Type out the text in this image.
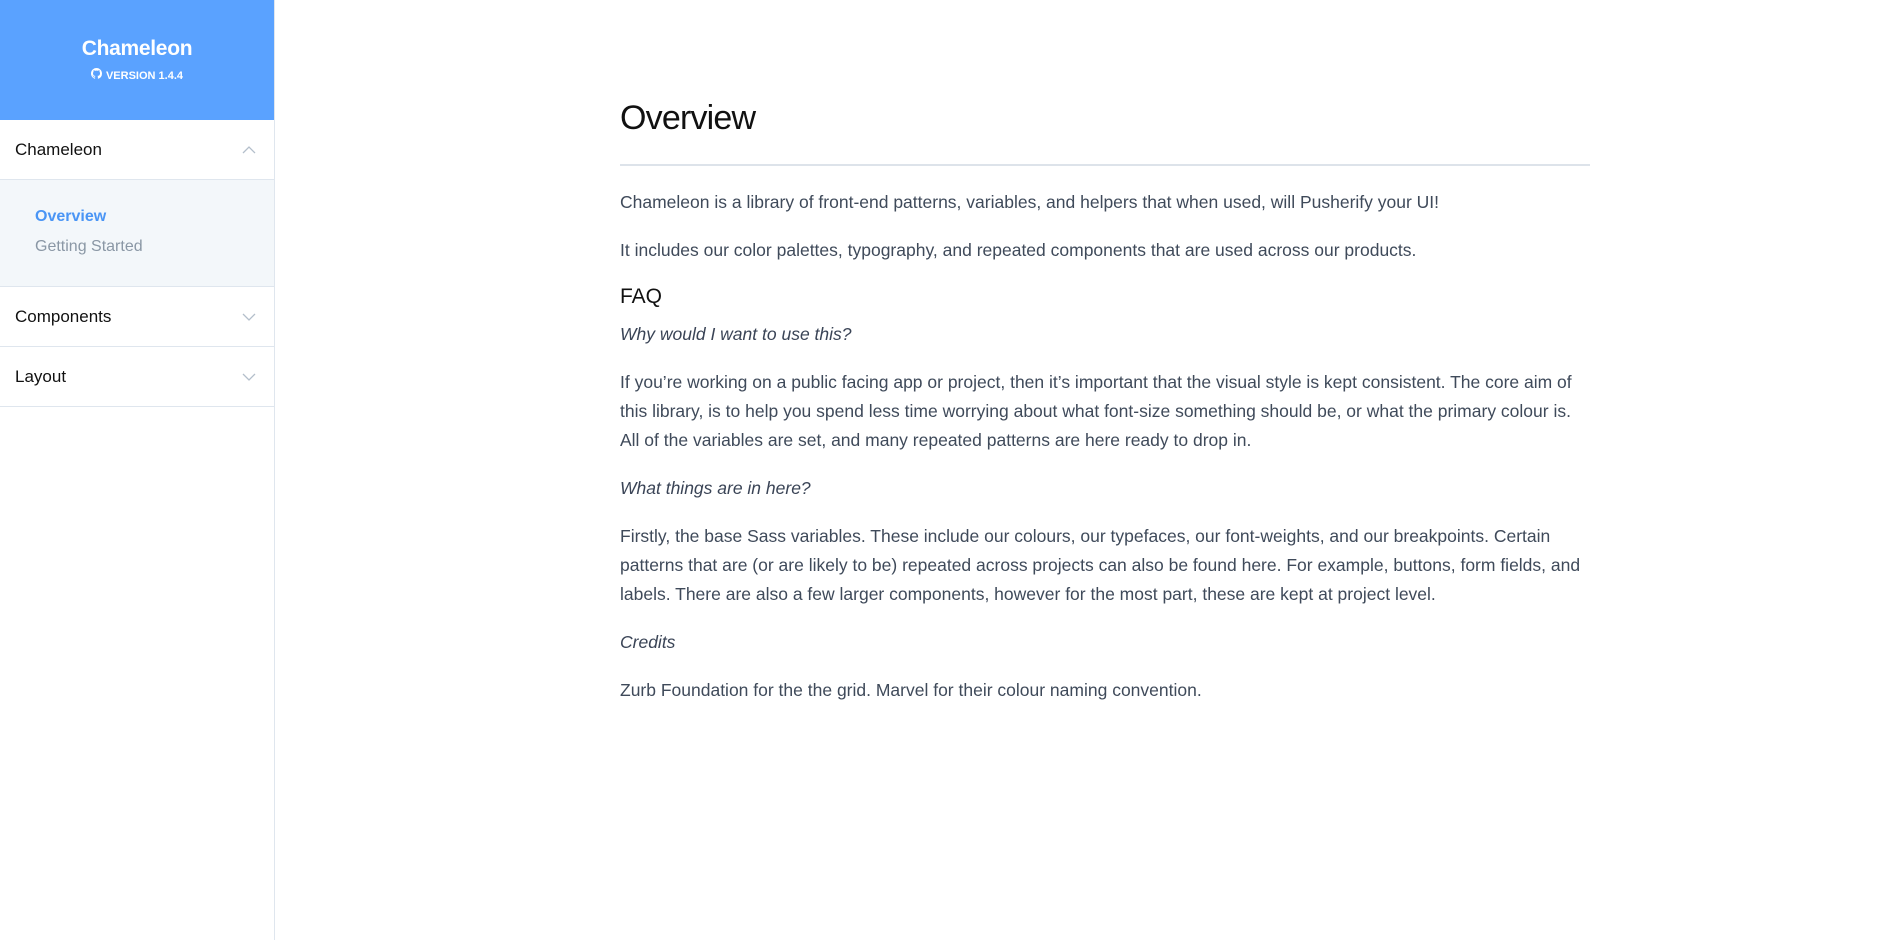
Chameleon
VERSION 1.4.4
Chameleon
Overview
Getting Started
Components
Layout
Overview

Chameleon is a library of front-end patterns, variables, and helpers that when used, will Pusherify your UI!

It includes our color palettes, typography, and repeated components that are used across our products.

FAQ

Why would I want to use this?

If you’re working on a public facing app or project, then it’s important that the visual style is kept consistent. The core aim of this library, is to help you spend less time worrying about what font-size something should be, or what the primary colour is. All of the variables are set, and many repeated patterns are here ready to drop in.

What things are in here?

Firstly, the base Sass variables. These include our colours, our typefaces, our font-weights, and our breakpoints. Certain patterns that are (or are likely to be) repeated across projects can also be found here. For example, buttons, form fields, and labels. There are also a few larger components, however for the most part, these are kept at project level.

Credits

Zurb Foundation for the the grid. Marvel for their colour naming convention.
